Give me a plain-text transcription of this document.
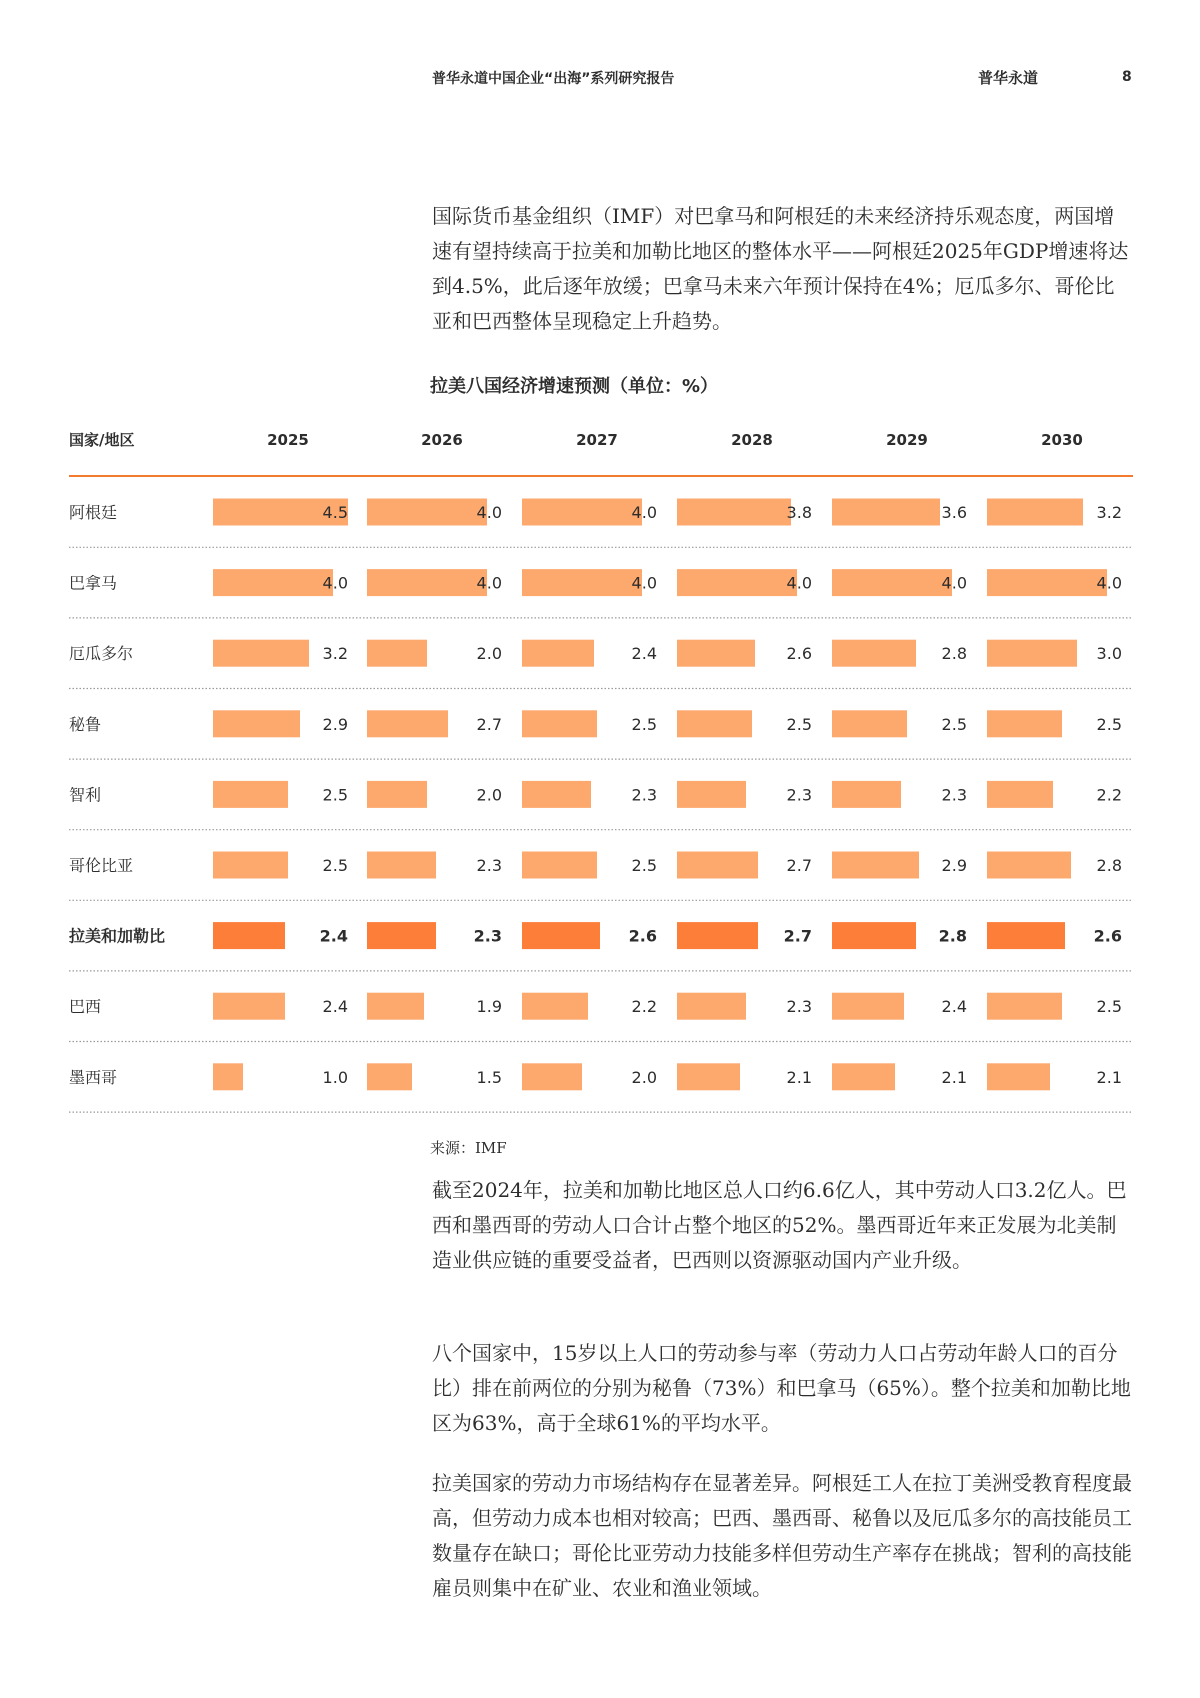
普华永道中国企业“出海”系列研究报告	普华永道	8

国际货币基金组织（IMF）对巴拿马和阿根廷的未来经济持乐观态度，两国增速有望持续高于拉美和加勒比地区的整体水平——阿根廷2025年GDP增速将达到4.5%，此后逐年放缓；巴拿马未来六年预计保持在4%；厄瓜多尔、哥伦比亚和巴西整体呈现稳定上升趋势。

拉美八国经济增速预测（单位：%）
国家/地区	2025	2026	2027	2028	2029	2030
阿根廷	4.5	4.0	4.0	3.8	3.6	3.2
巴拿马	4.0	4.0	4.0	4.0	4.0	4.0
厄瓜多尔	3.2	2.0	2.4	2.6	2.8	3.0
秘鲁	2.9	2.7	2.5	2.5	2.5	2.5
智利	2.5	2.0	2.3	2.3	2.3	2.2
哥伦比亚	2.5	2.3	2.5	2.7	2.9	2.8
拉美和加勒比	2.4	2.3	2.6	2.7	2.8	2.6
巴西	2.4	1.9	2.2	2.3	2.4	2.5
墨西哥	1.0	1.5	2.0	2.1	2.1	2.1
来源：IMF

截至2024年，拉美和加勒比地区总人口约6.6亿人，其中劳动人口3.2亿人。巴西和墨西哥的劳动人口合计占整个地区的52%。墨西哥近年来正发展为北美制造业供应链的重要受益者，巴西则以资源驱动国内产业升级。

八个国家中，15岁以上人口的劳动参与率（劳动力人口占劳动年龄人口的百分比）排在前两位的分别为秘鲁（73%）和巴拿马（65%）。整个拉美和加勒比地区为63%，高于全球61%的平均水平。

拉美国家的劳动力市场结构存在显著差异。阿根廷工人在拉丁美洲受教育程度最高，但劳动力成本也相对较高；巴西、墨西哥、秘鲁以及厄瓜多尔的高技能员工数量存在缺口；哥伦比亚劳动力技能多样但劳动生产率存在挑战；智利的高技能雇员则集中在矿业、农业和渔业领域。
